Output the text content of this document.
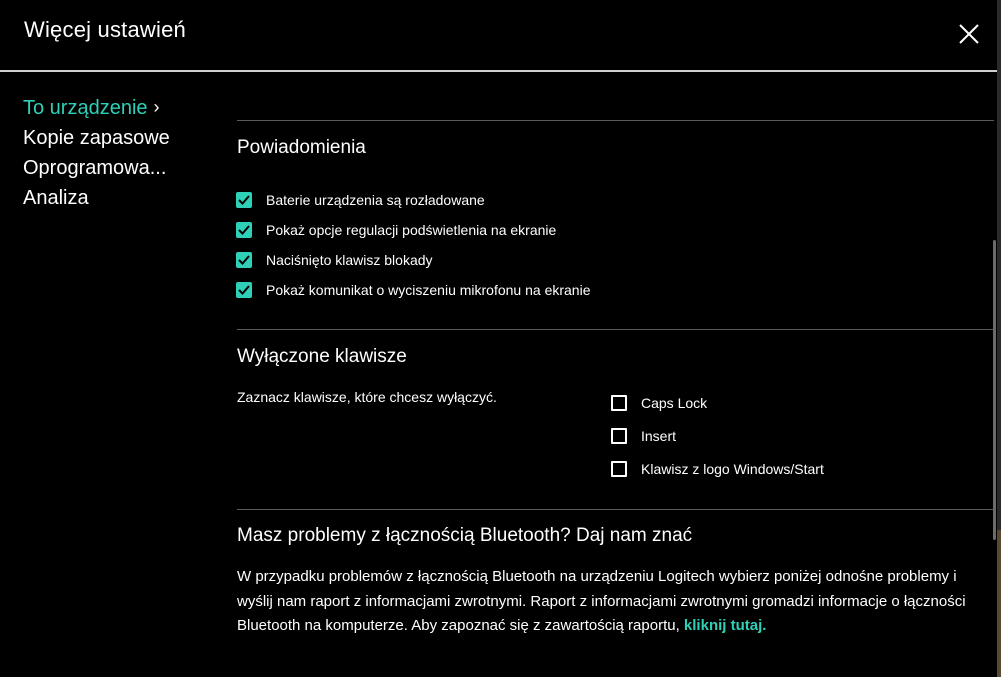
Więcej ustawień
To urządzenie ›
Kopie zapasowe
Oprogramowa...
Analiza
Powiadomienia
Baterie urządzenia są rozładowane
Pokaż opcje regulacji podświetlenia na ekranie
Naciśnięto klawisz blokady
Pokaż komunikat o wyciszeniu mikrofonu na ekranie
Wyłączone klawisze
Zaznacz klawisze, które chcesz wyłączyć.	Caps Lock
Insert
Klawisz z logo Windows/Start
Masz problemy z łącznością Bluetooth? Daj nam znać
W przypadku problemów z łącznością Bluetooth na urządzeniu Logitech wybierz poniżej odnośne problemy i wyślij nam raport z informacjami zwrotnymi. Raport z informacjami zwrotnymi gromadzi informacje o łączności Bluetooth na komputerze. Aby zapoznać się z zawartością raportu, kliknij tutaj.
